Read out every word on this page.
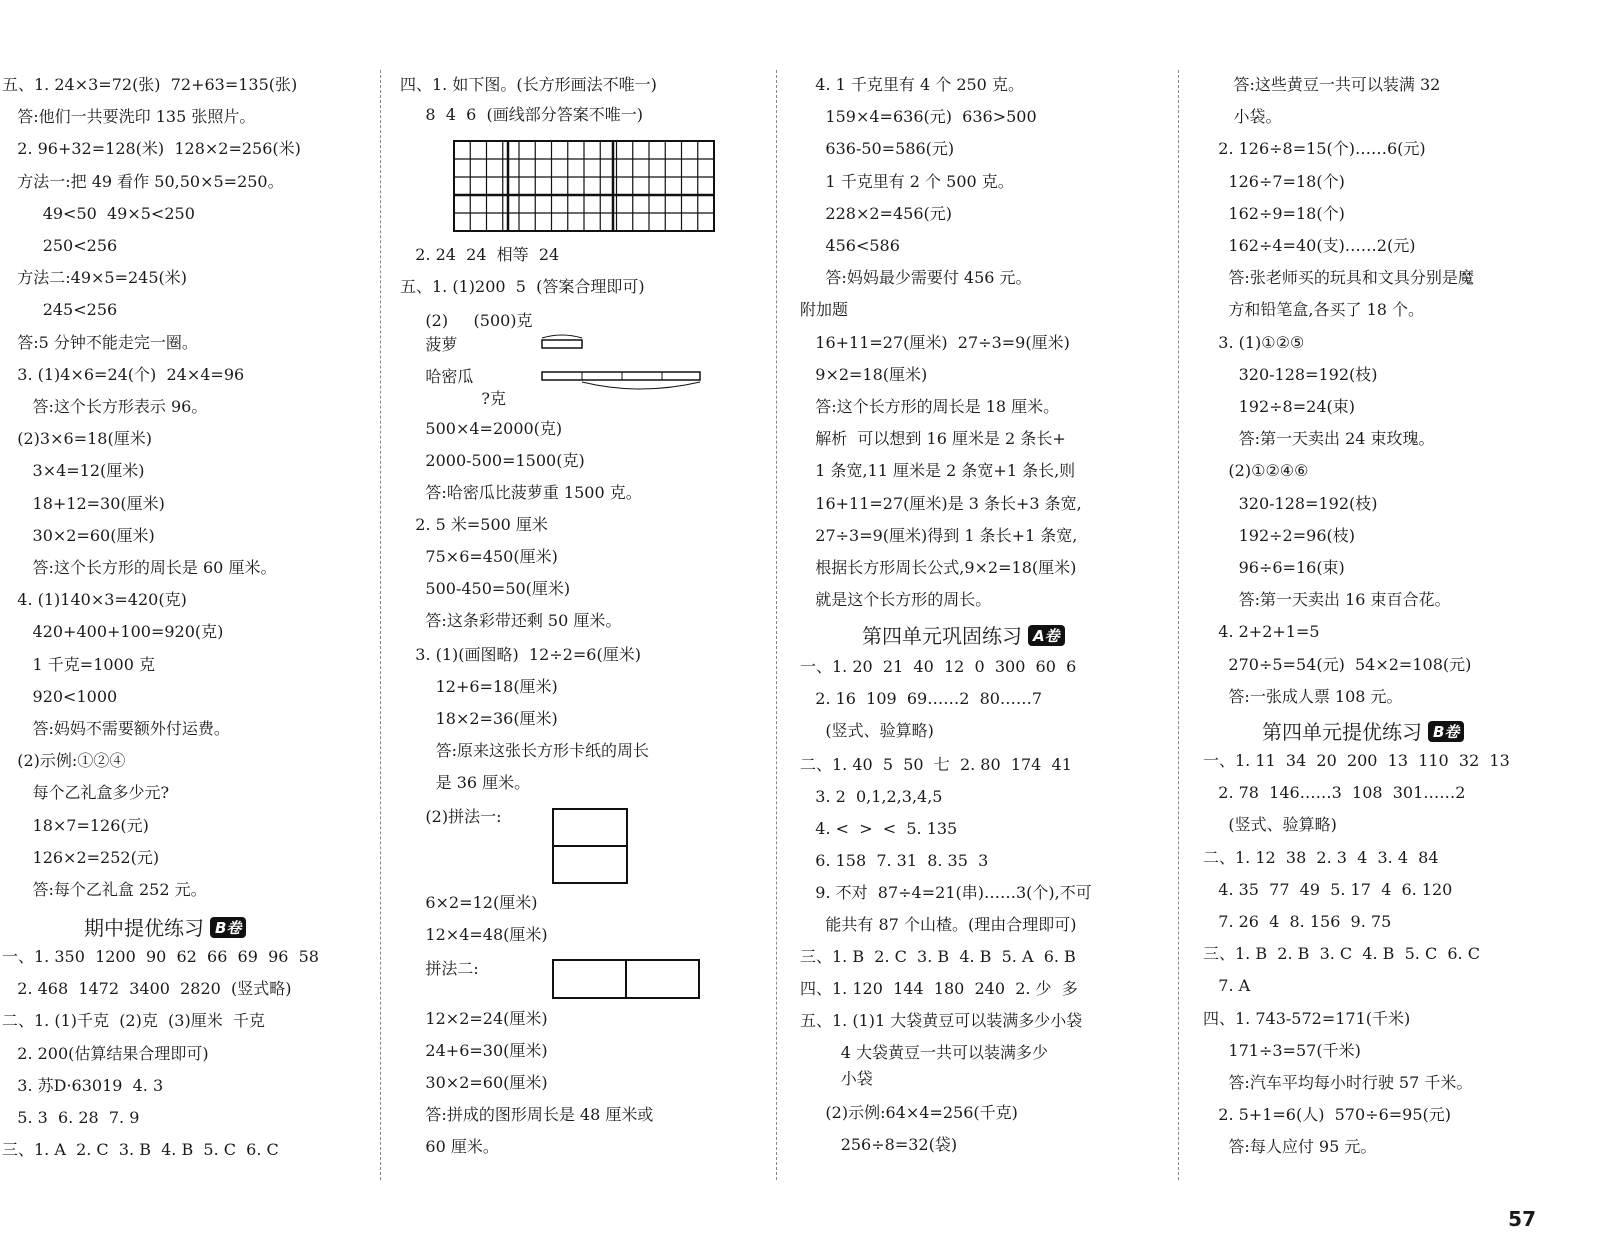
五、1. 24×3=72(张)  72+63=135(张)
答:他们一共要洗印 135 张照片。
2. 96+32=128(米)  128×2=256(米)
方法一:把 49 看作 50,50×5=250。
49<50  49×5<250
250<256
方法二:49×5=245(米)
245<256
答:5 分钟不能走完一圈。
3. (1)4×6=24(个)  24×4=96
答:这个长方形表示 96。
(2)3×6=18(厘米)
3×4=12(厘米)
18+12=30(厘米)
30×2=60(厘米)
答:这个长方形的周长是 60 厘米。
4. (1)140×3=420(克)
420+400+100=920(克)
1 千克=1000 克
920<1000
答:妈妈不需要额外付运费。
(2)示例:①②④
每个乙礼盒多少元?
18×7=126(元)
126×2=252(元)
答:每个乙礼盒 252 元。
期中提优练习 B卷
一、1. 350  1200  90  62  66  69  96  58
2. 468  1472  3400  2820  (竖式略)
二、1. (1)千克  (2)克  (3)厘米  千克
2. 200(估算结果合理即可)
3. 苏D·63019  4. 3
5. 3  6. 28  7. 9
三、1. A  2. C  3. B  4. B  5. C  6. C
四、1. 如下图。(长方形画法不唯一)
8  4  6  (画线部分答案不唯一)
2. 24  24  相等  24
五、1. (1)200  5  (答案合理即可)
(2)     (500)克
菠萝
哈密瓜
?克
500×4=2000(克)
2000-500=1500(克)
答:哈密瓜比菠萝重 1500 克。
2. 5 米=500 厘米
75×6=450(厘米)
500-450=50(厘米)
答:这条彩带还剩 50 厘米。
3. (1)(画图略)  12÷2=6(厘米)
12+6=18(厘米)
18×2=36(厘米)
答:原来这张长方形卡纸的周长
是 36 厘米。
(2)拼法一:
6×2=12(厘米)
12×4=48(厘米)
拼法二:
12×2=24(厘米)
24+6=30(厘米)
30×2=60(厘米)
答:拼成的图形周长是 48 厘米或
60 厘米。
4. 1 千克里有 4 个 250 克。
159×4=636(元)  636>500
636-50=586(元)
1 千克里有 2 个 500 克。
228×2=456(元)
456<586
答:妈妈最少需要付 456 元。
附加题
16+11=27(厘米)  27÷3=9(厘米)
9×2=18(厘米)
答:这个长方形的周长是 18 厘米。
解析  可以想到 16 厘米是 2 条长+
1 条宽,11 厘米是 2 条宽+1 条长,则
16+11=27(厘米)是 3 条长+3 条宽,
27÷3=9(厘米)得到 1 条长+1 条宽,
根据长方形周长公式,9×2=18(厘米)
就是这个长方形的周长。
第四单元巩固练习 A卷
一、1. 20  21  40  12  0  300  60  6
2. 16  109  69……2  80……7
(竖式、验算略)
二、1. 40  5  50  七  2. 80  174  41
3. 2  0,1,2,3,4,5
4. <  >  <  5. 135
6. 158  7. 31  8. 35  3
9. 不对  87÷4=21(串)……3(个),不可
能共有 87 个山楂。(理由合理即可)
三、1. B  2. C  3. B  4. B  5. A  6. B
四、1. 120  144  180  240  2. 少  多
五、1. (1)1 大袋黄豆可以装满多少小袋
4 大袋黄豆一共可以装满多少
小袋
(2)示例:64×4=256(千克)
256÷8=32(袋)
答:这些黄豆一共可以装满 32
小袋。
2. 126÷8=15(个)……6(元)
126÷7=18(个)
162÷9=18(个)
162÷4=40(支)……2(元)
答:张老师买的玩具和文具分别是魔
方和铅笔盒,各买了 18 个。
3. (1)①②⑤
320-128=192(枝)
192÷8=24(束)
答:第一天卖出 24 束玫瑰。
(2)①②④⑥
320-128=192(枝)
192÷2=96(枝)
96÷6=16(束)
答:第一天卖出 16 束百合花。
4. 2+2+1=5
270÷5=54(元)  54×2=108(元)
答:一张成人票 108 元。
第四单元提优练习 B卷
一、1. 11  34  20  200  13  110  32  13
2. 78  146……3  108  301……2
(竖式、验算略)
二、1. 12  38  2. 3  4  3. 4  84
4. 35  77  49  5. 17  4  6. 120
7. 26  4  8. 156  9. 75
三、1. B  2. B  3. C  4. B  5. C  6. C
7. A
四、1. 743-572=171(千米)
171÷3=57(千米)
答:汽车平均每小时行驶 57 千米。
2. 5+1=6(人)  570÷6=95(元)
答:每人应付 95 元。
57
